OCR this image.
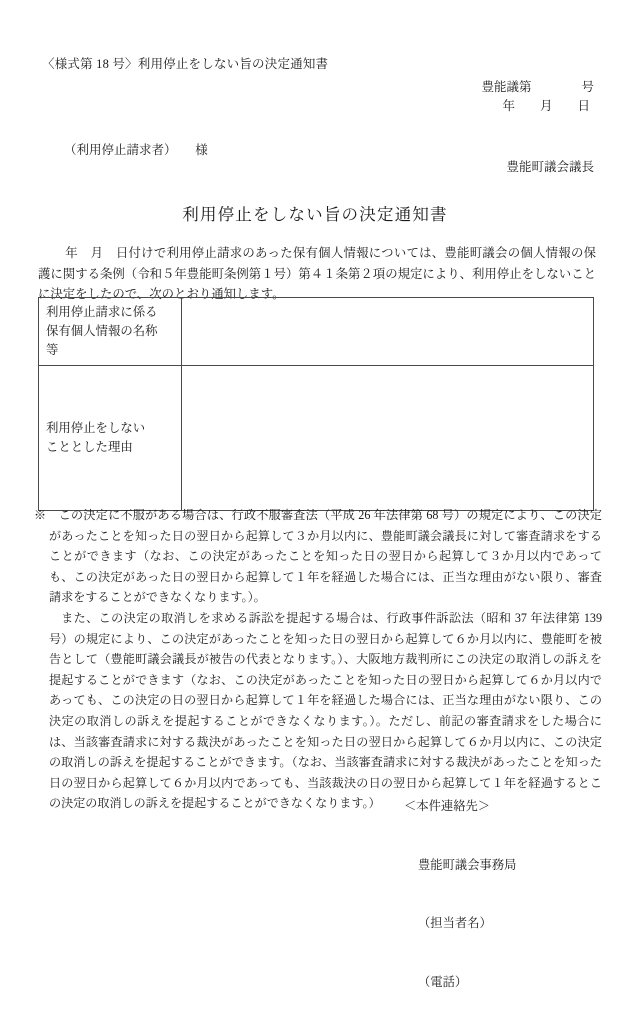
〈様式第 18 号〉利用停止をしない旨の決定通知書
豊能議第　　　　号
年　　月　　日
（利用停止請求者）　　様
豊能町議会議長
利用停止をしない旨の決定通知書

年　月　日付けで利用停止請求のあった保有個人情報については、豊能町議会の個人情報の保護に関する条例（令和５年豊能町条例第１号）第４１条第２項の規定により、利用停止をしないことに決定をしたので、次のとおり通知します。

利用停止請求に係る
保有個人情報の名称
等	

利用停止をしない
こととした理由	

※　この決定に不服がある場合は、行政不服審査法（平成 26 年法律第 68 号）の規定により、この決定があったことを知った日の翌日から起算して３か月以内に、豊能町議会議長に対して審査請求をすることができます（なお、この決定があったことを知った日の翌日から起算して３か月以内であっても、この決定があった日の翌日から起算して１年を経過した場合には、正当な理由がない限り、審査請求をすることができなくなります。）。

また、この決定の取消しを求める訴訟を提起する場合は、行政事件訴訟法（昭和 37 年法律第 139 号）の規定により、この決定があったことを知った日の翌日から起算して６か月以内に、豊能町を被告として（豊能町議会議長が被告の代表となります。）、大阪地方裁判所にこの決定の取消しの訴えを提起することができます（なお、この決定があったことを知った日の翌日から起算して６か月以内であっても、この決定の日の翌日から起算して１年を経過した場合には、正当な理由がない限り、この決定の取消しの訴えを提起することができなくなります。）。ただし、前記の審査請求をした場合には、当該審査請求に対する裁決があったことを知った日の翌日から起算して６か月以内に、この決定の取消しの訴えを提起することができます。（なお、当該審査請求に対する裁決があったことを知った日の翌日から起算して６か月以内であっても、当該裁決の日の翌日から起算して１年を経過するとこの決定の取消しの訴えを提起することができなくなります。）

	＜本件連絡先＞

豊能町議会事務局

（担当者名）

（電話）
